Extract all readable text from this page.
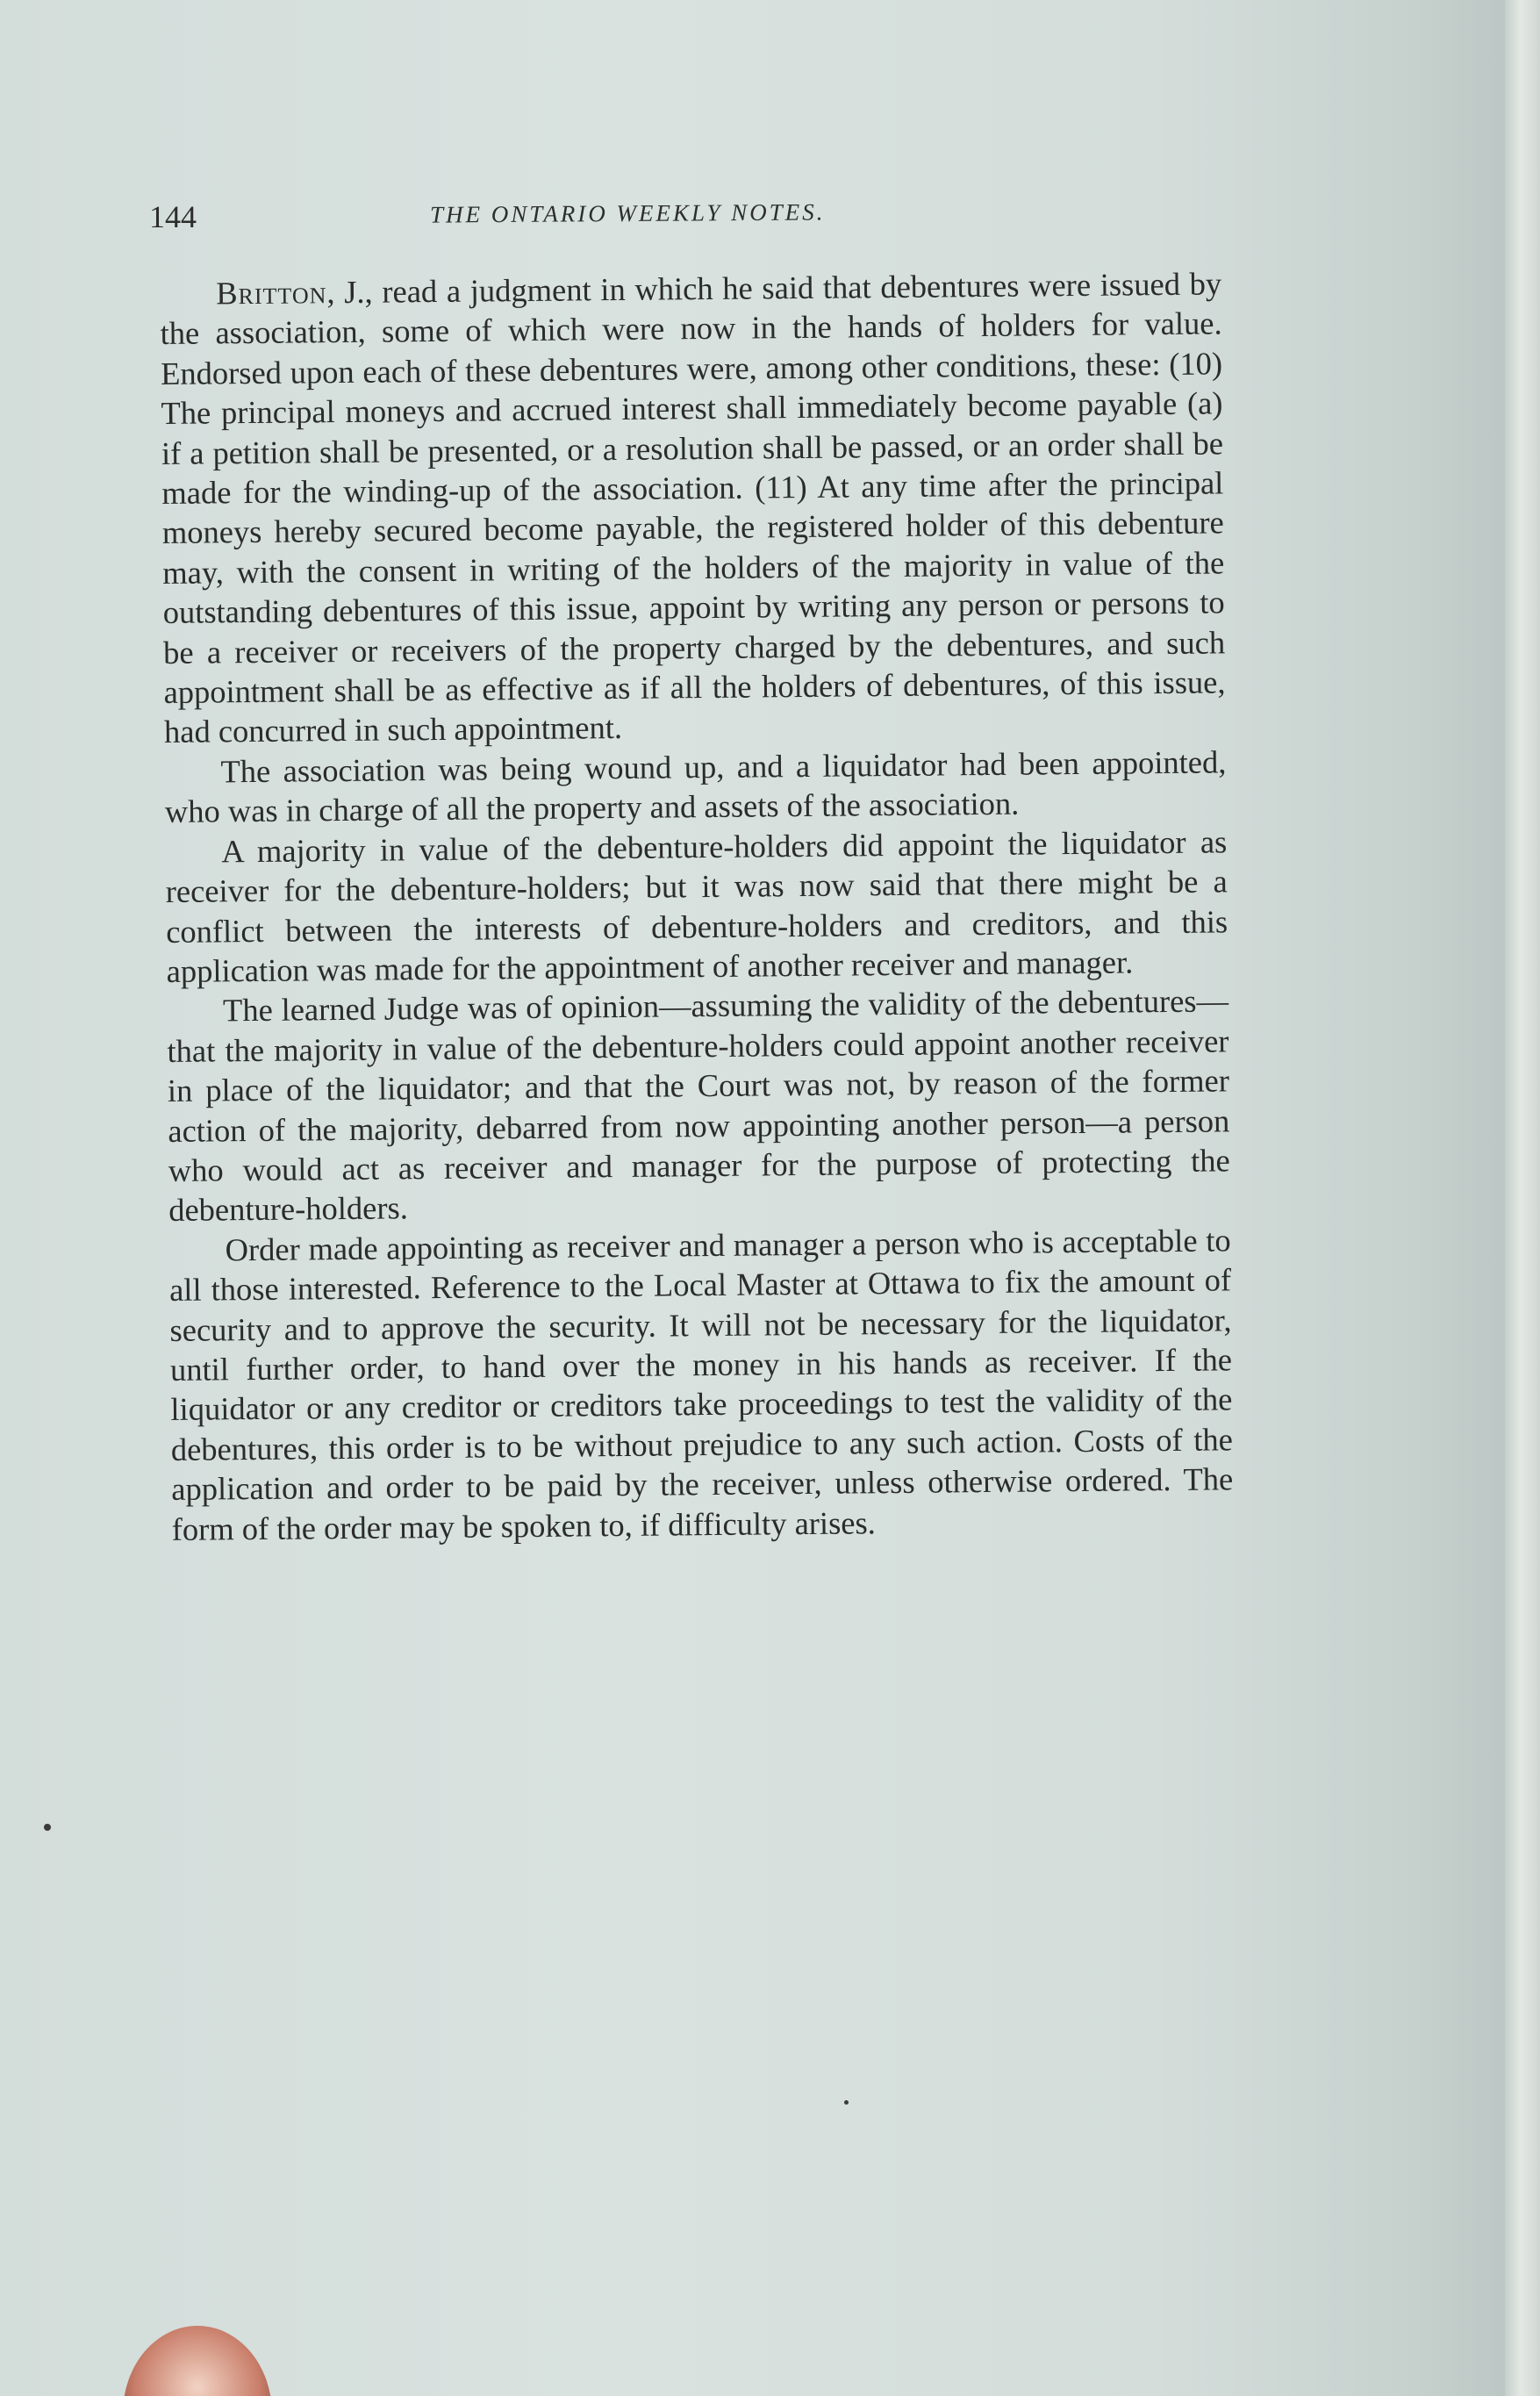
144	THE ONTARIO WEEKLY NOTES.

Britton, J., read a judgment in which he said that debentures were issued by the association, some of which were now in the hands of holders for value. Endorsed upon each of these debentures were, among other conditions, these: (10) The principal moneys and accrued interest shall immediately become payable (a) if a petition shall be presented, or a resolution shall be passed, or an order shall be made for the winding-up of the association. (11) At any time after the principal moneys hereby secured become payable, the registered holder of this debenture may, with the consent in writing of the holders of the majority in value of the outstanding debentures of this issue, appoint by writing any person or persons to be a receiver or receivers of the property charged by the debentures, and such appointment shall be as effective as if all the holders of debentures, of this issue, had concurred in such appointment.

The association was being wound up, and a liquidator had been appointed, who was in charge of all the property and assets of the association.

A majority in value of the debenture-holders did appoint the liquidator as receiver for the debenture-holders; but it was now said that there might be a conflict between the interests of debenture-holders and creditors, and this application was made for the appointment of another receiver and manager.

The learned Judge was of opinion—assuming the validity of the debentures—that the majority in value of the debenture-holders could appoint another receiver in place of the liquidator; and that the Court was not, by reason of the former action of the majority, debarred from now appointing another person—a person who would act as receiver and manager for the purpose of protecting the debenture-holders.

Order made appointing as receiver and manager a person who is acceptable to all those interested. Reference to the Local Master at Ottawa to fix the amount of security and to approve the security. It will not be necessary for the liquidator, until further order, to hand over the money in his hands as receiver. If the liquidator or any creditor or creditors take proceedings to test the validity of the debentures, this order is to be without prejudice to any such action. Costs of the application and order to be paid by the receiver, unless otherwise ordered. The form of the order may be spoken to, if difficulty arises.
